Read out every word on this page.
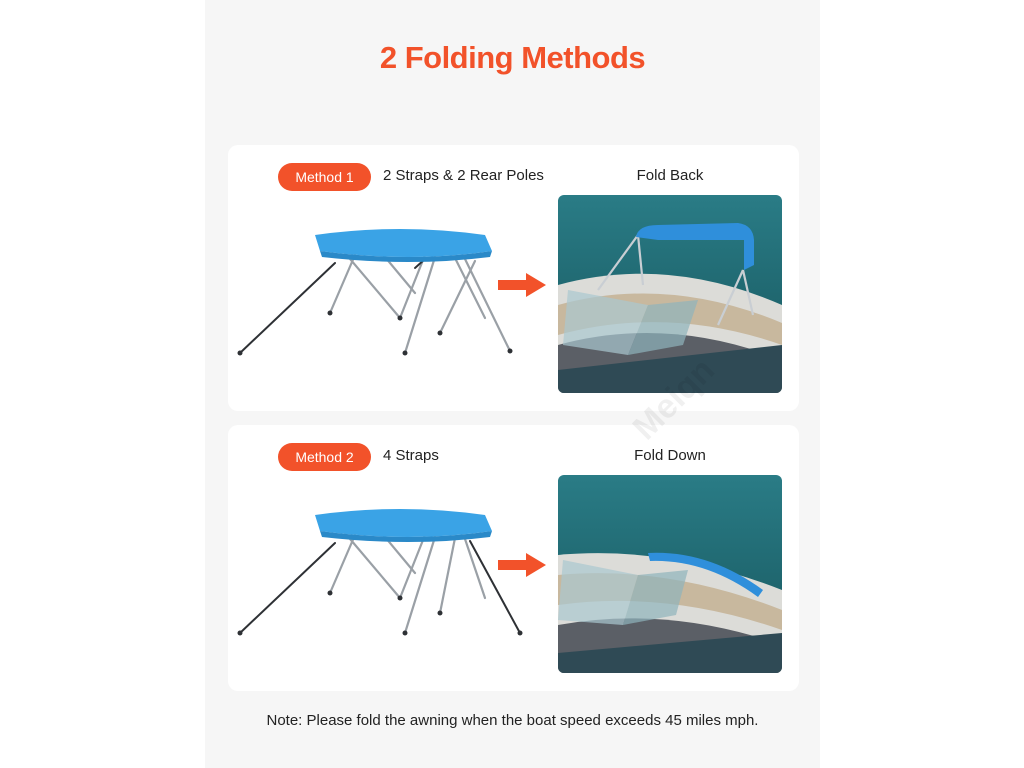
2 Folding Methods
Method 1	2 Straps & 2 Rear Poles	Fold Back
Method 2	4 Straps	Fold Down
Note: Please fold the awning when the boat speed exceeds 45 miles mph.
